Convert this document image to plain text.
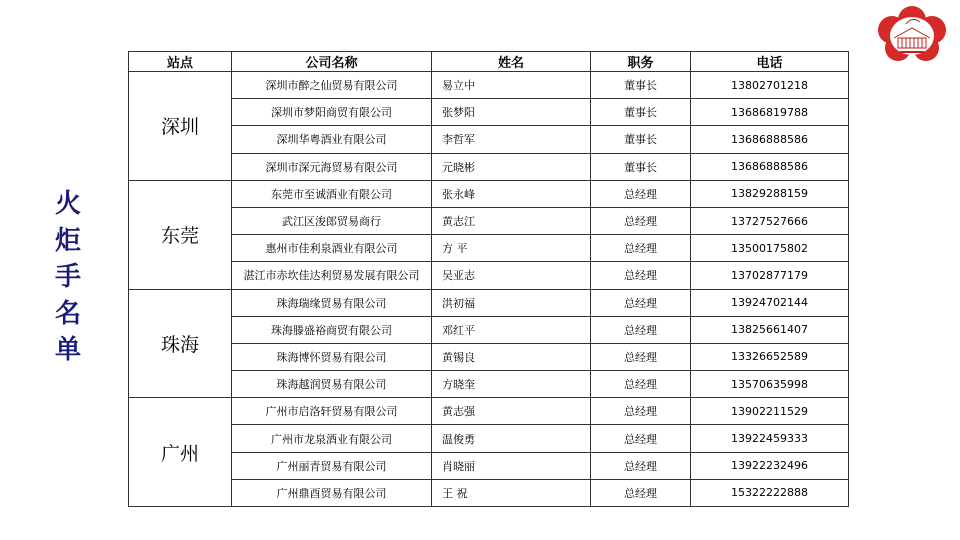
火
炬
手
名
单
站点	公司名称	姓名	职务	电话
深圳	深圳市醉之仙贸易有限公司	易立中	董事长	13802701218
	深圳市梦阳商贸有限公司	张梦阳	董事长	13686819788
	深圳华粤酒业有限公司	李哲军	董事长	13686888586
	深圳市深元海贸易有限公司	元晓彬	董事长	13686888586
东莞	东莞市至诚酒业有限公司	张永峰	总经理	13829288159
	武江区浚郎贸易商行	黄志江	总经理	13727527666
	惠州市佳利泉酒业有限公司	方 平	总经理	13500175802
	湛江市赤坎佳达利贸易发展有限公司	吴亚志	总经理	13702877179
珠海	珠海瑞缘贸易有限公司	洪初福	总经理	13924702144
	珠海滕盛裕商贸有限公司	邓红平	总经理	13825661407
	珠海博怀贸易有限公司	黄锡良	总经理	13326652589
	珠海越润贸易有限公司	方晓奎	总经理	13570635998
广州	广州市启洛轩贸易有限公司	黄志强	总经理	13902211529
	广州市龙泉酒业有限公司	温俊勇	总经理	13922459333
	广州丽青贸易有限公司	肖晓丽	总经理	13922232496
	广州鼎酉贸易有限公司	王 祝	总经理	15322222888
